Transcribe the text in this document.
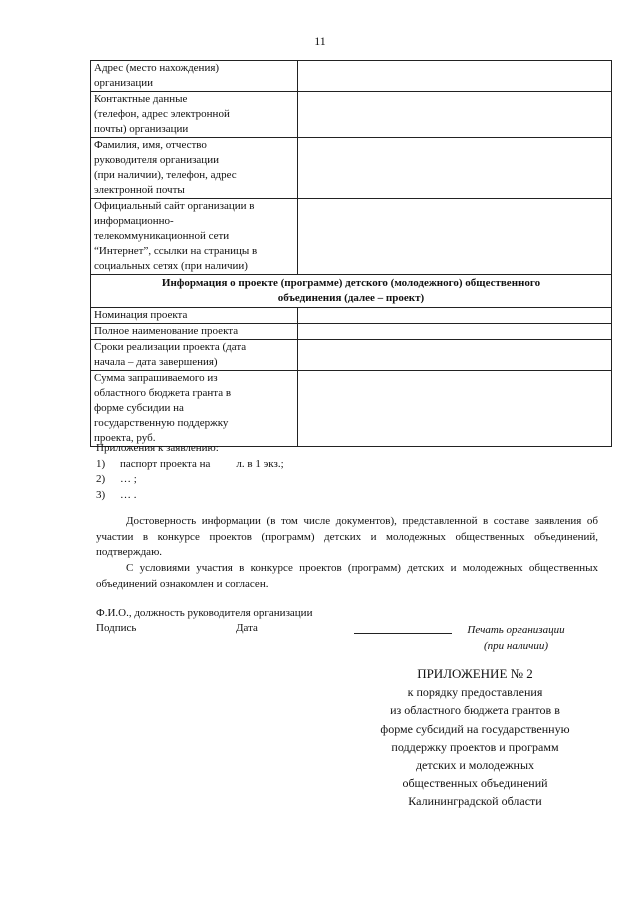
11
Адрес (место нахождения)
организации	

Контактные данные
(телефон, адрес электронной
почты) организации	

Фамилия, имя, отчество
руководителя организации
(при наличии), телефон, адрес
электронной почты	

Официальный сайт организации в
информационно-
телекоммуникационной сети
“Интернет”, ссылки на страницы в
социальных сетях (при наличии)	

Информация о проекте (программе) детского (молодежного) общественного
объединения (далее – проект)	

Номинация проекта	

Полное наименование проекта	

Сроки реализации проекта (дата
начала – дата завершения)	

Сумма запрашиваемого из
областного бюджета гранта в
форме субсидии на
государственную поддержку
проекта, руб.	

Приложения к заявлению:
1)	паспорт проекта на л. в 1 экз.;
2)	… ;
3)	… .
Достоверность информации (в том числе документов), представленной в составе заявления об участии в конкурсе проектов (программ) детских и молодежных общественных объединений, подтверждаю.
С условиями участия в конкурсе проектов (программ) детских и молодежных общественных объединений ознакомлен и согласен.
Ф.И.О., должность руководителя организации
Подпись	Дата	Печать организации
(при наличии)
ПРИЛОЖЕНИЕ № 2
к порядку предоставления
из областного бюджета грантов в
форме субсидий на государственную
поддержку проектов и программ
детских и молодежных
общественных объединений
Калининградской области
